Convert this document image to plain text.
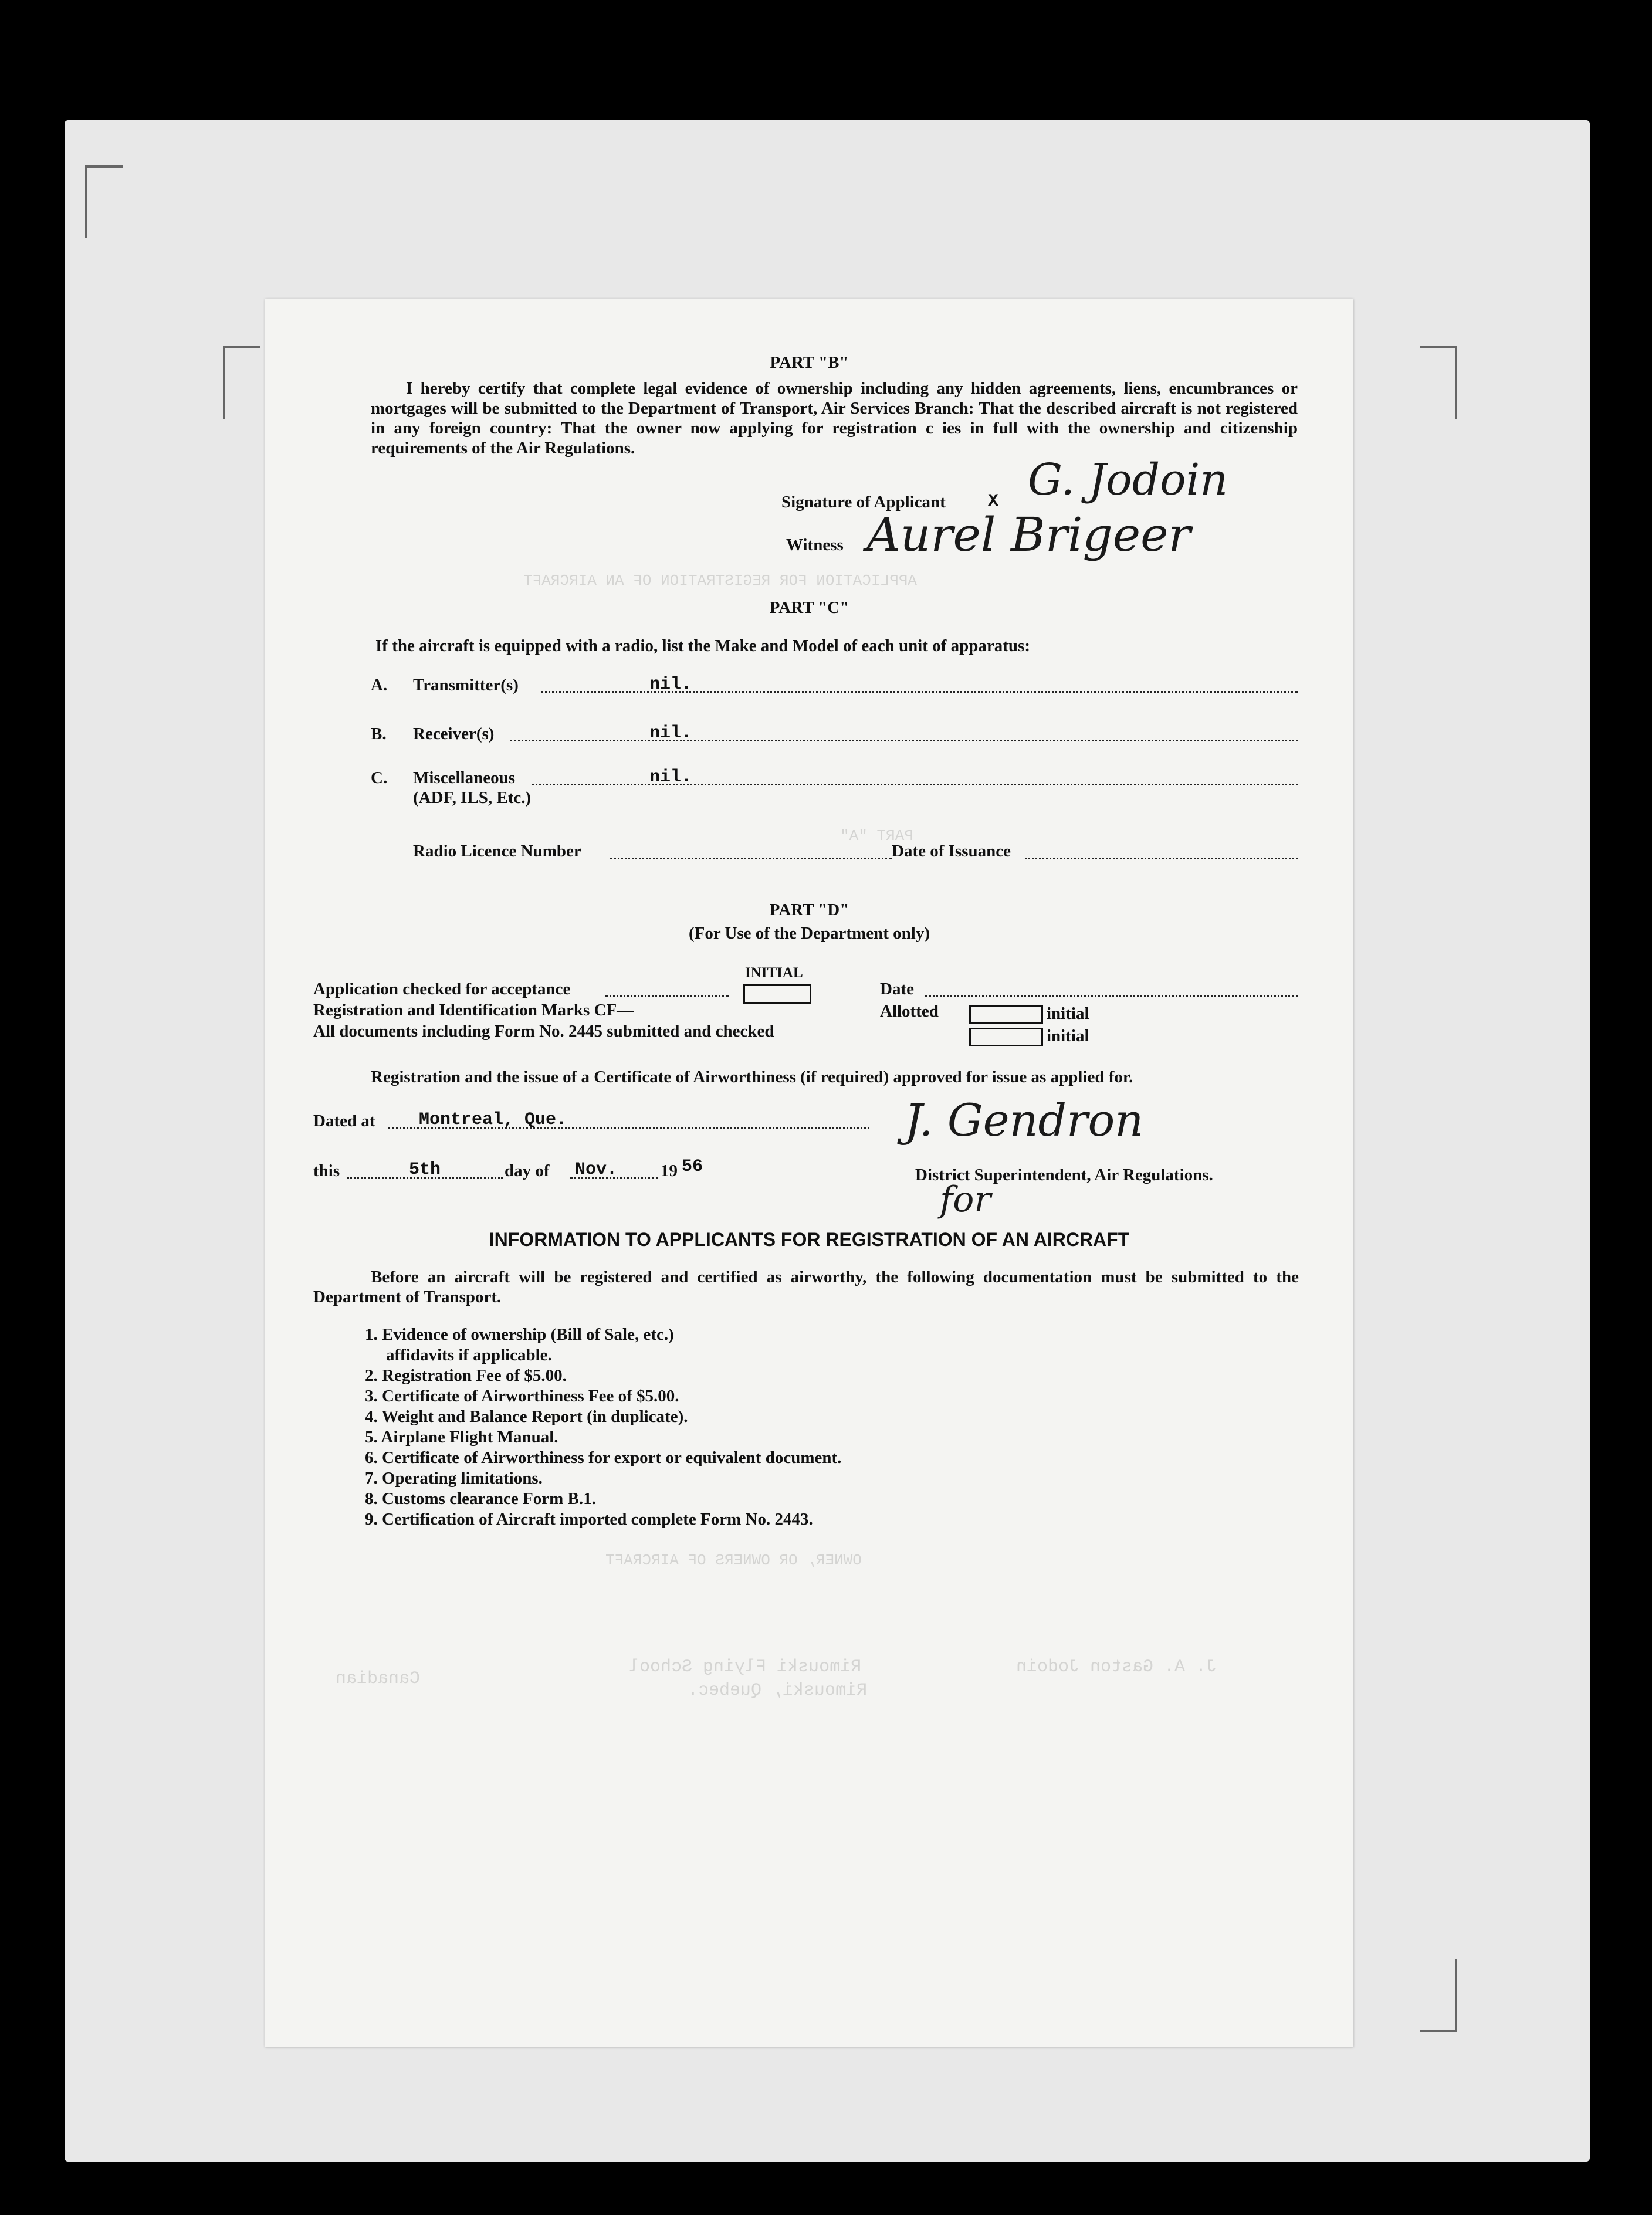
APPLICATION FOR REGISTRATION OF AN AIRCRAFT
PART "A"
OWNER, OR OWNERS OF AIRCRAFT
J. A. Gaston Jodoin
Rimouski Flying School
Rimouski, Quebec.
Canadian
PART "B"
I hereby certify that complete legal evidence of ownership including any hidden agreements, liens, encumbrances or mortgages will be submitted to the Department of Transport, Air Services Branch: That the described aircraft is not registered in any foreign country: That the owner now applying for registration c ies in full with the ownership and citizenship requirements of the Air Regulations.
Signature of Applicant X G. Jodoin
Witness Aurel Brigeer
PART "C"
If the aircraft is equipped with a radio, list the Make and Model of each unit of apparatus:
A. Transmitter(s)	nil.
B. Receiver(s)	nil.
C. Miscellaneous
(ADF, ILS, Etc.)
nil.
Radio Licence Number	Date of Issuance
PART "D"
(For Use of the Department only)
INITIAL
Application checked for acceptance
Registration and Identification Marks CF—
All documents including Form No. 2445 submitted and checked
Date
Allotted	initial
initial
Registration and the issue of a Certificate of Airworthiness (if required) approved for issue as applied for.
Dated at Montreal, Que.
this	5th	day of Nov.	19 56
J. Gendron
District Superintendent, Air Regulations.
for
INFORMATION TO APPLICANTS FOR REGISTRATION OF AN AIRCRAFT
Before an aircraft will be registered and certified as airworthy, the following documentation must be submitted to the Department of Transport.
1. Evidence of ownership (Bill of Sale, etc.)
affidavits if applicable.
2. Registration Fee of $5.00.
3. Certificate of Airworthiness Fee of $5.00.
4. Weight and Balance Report (in duplicate).
5. Airplane Flight Manual.
6. Certificate of Airworthiness for export or equivalent document.
7. Operating limitations.
8. Customs clearance Form B.1.
9. Certification of Aircraft imported complete Form No. 2443.
